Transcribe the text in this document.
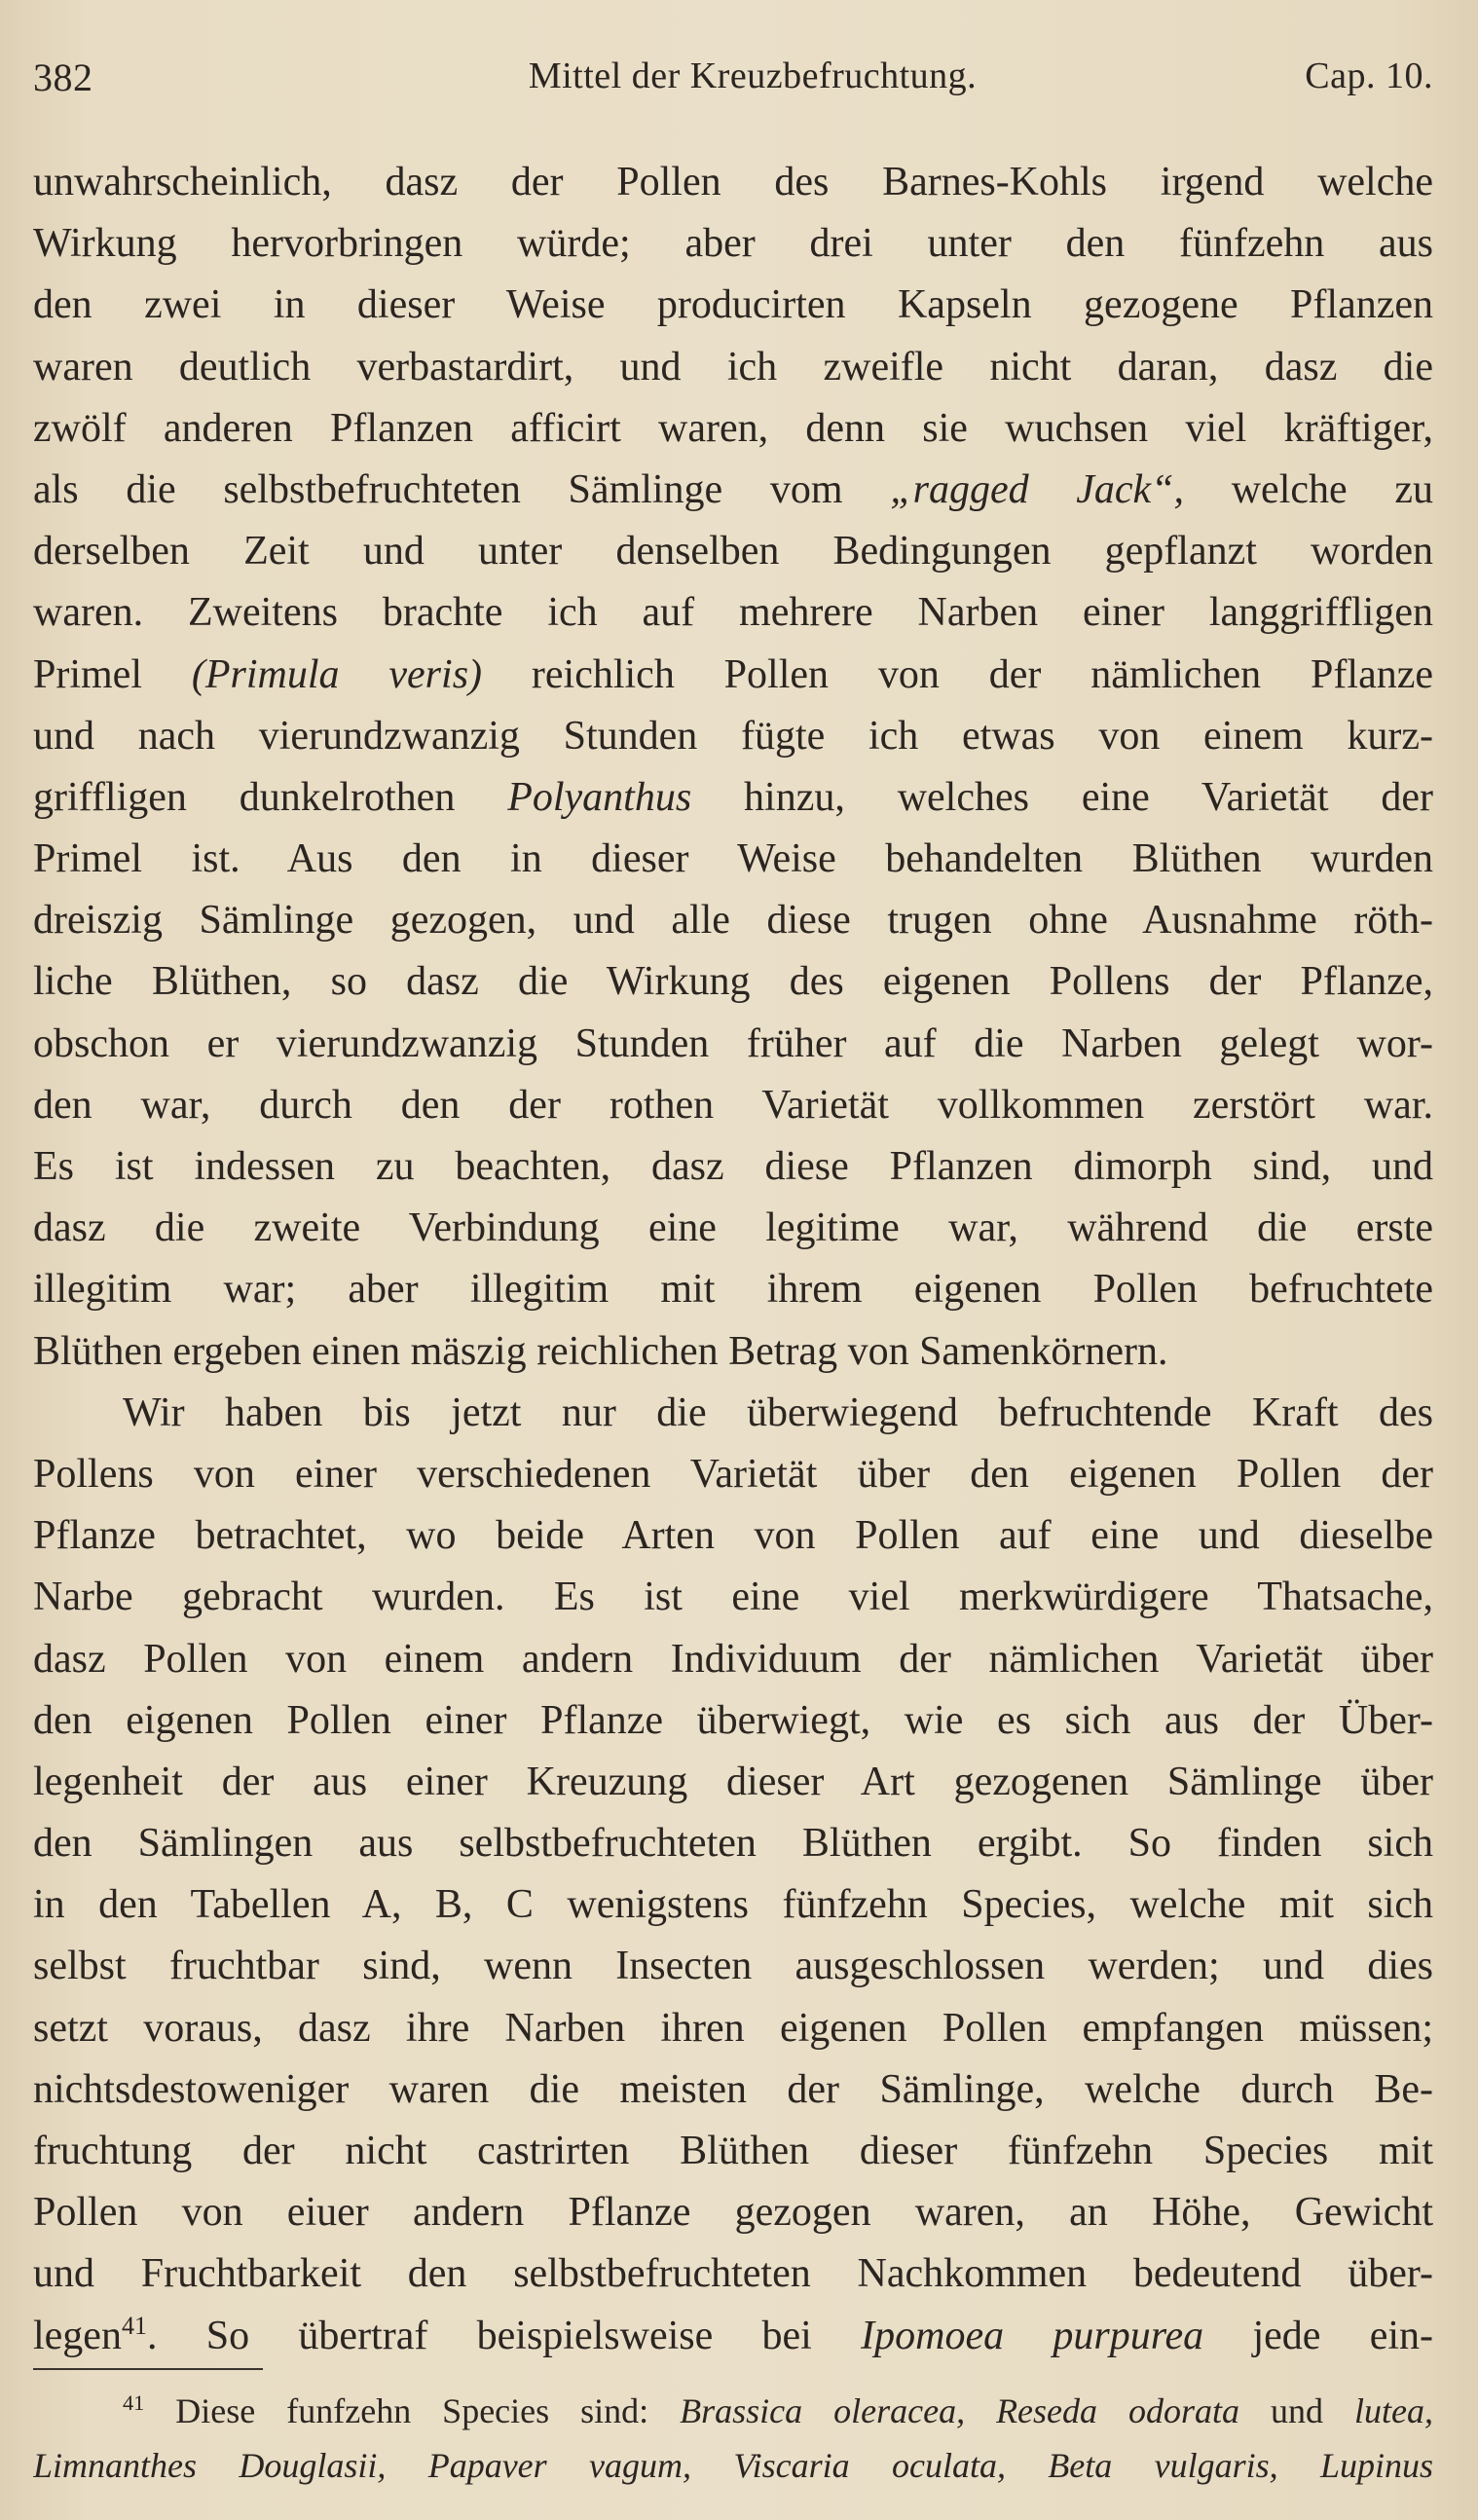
382	Mittel der Kreuzbefruchtung.	Cap. 10.
unwahrscheinlich, dasz der Pollen des Barnes-Kohls irgend welche
Wirkung hervorbringen würde; aber drei unter den fünfzehn aus
den zwei in dieser Weise producirten Kapseln gezogene Pflanzen
waren deutlich verbastardirt, und ich zweifle nicht daran, dasz die
zwölf anderen Pflanzen afficirt waren, denn sie wuchsen viel kräftiger,
als die selbstbefruchteten Sämlinge vom „ragged Jack“, welche zu
derselben Zeit und unter denselben Bedingungen gepflanzt worden
waren. Zweitens brachte ich auf mehrere Narben einer langgriffligen
Primel (Primula veris) reichlich Pollen von der nämlichen Pflanze
und nach vierundzwanzig Stunden fügte ich etwas von einem kurz-
griffligen dunkelrothen Polyanthus hinzu, welches eine Varietät der
Primel ist. Aus den in dieser Weise behandelten Blüthen wurden
dreiszig Sämlinge gezogen, und alle diese trugen ohne Ausnahme röth-
liche Blüthen, so dasz die Wirkung des eigenen Pollens der Pflanze,
obschon er vierundzwanzig Stunden früher auf die Narben gelegt wor-
den war, durch den der rothen Varietät vollkommen zerstört war.
Es ist indessen zu beachten, dasz diese Pflanzen dimorph sind, und
dasz die zweite Verbindung eine legitime war, während die erste
illegitim war; aber illegitim mit ihrem eigenen Pollen befruchtete
Blüthen ergeben einen mäszig reichlichen Betrag von Samenkörnern.
Wir haben bis jetzt nur die überwiegend befruchtende Kraft des
Pollens von einer verschiedenen Varietät über den eigenen Pollen der
Pflanze betrachtet, wo beide Arten von Pollen auf eine und dieselbe
Narbe gebracht wurden. Es ist eine viel merkwürdigere Thatsache,
dasz Pollen von einem andern Individuum der nämlichen Varietät über
den eigenen Pollen einer Pflanze überwiegt, wie es sich aus der Über-
legenheit der aus einer Kreuzung dieser Art gezogenen Sämlinge über
den Sämlingen aus selbstbefruchteten Blüthen ergibt. So finden sich
in den Tabellen A, B, C wenigstens fünfzehn Species, welche mit sich
selbst fruchtbar sind, wenn Insecten ausgeschlossen werden; und dies
setzt voraus, dasz ihre Narben ihren eigenen Pollen empfangen müssen;
nichtsdestoweniger waren die meisten der Sämlinge, welche durch Be-
fruchtung der nicht castrirten Blüthen dieser fünfzehn Species mit
Pollen von eiuer andern Pflanze gezogen waren, an Höhe, Gewicht
und Fruchtbarkeit den selbstbefruchteten Nachkommen bedeutend über-
legen$^{41}$. So übertraf beispielsweise bei Ipomoea purpurea jede ein-
$^{41}$ Diese funfzehn Species sind: Brassica oleracea, Reseda odorata und lutea,
Limnanthes Douglasii, Papaver vagum, Viscaria oculata, Beta vulgaris, Lupinus
